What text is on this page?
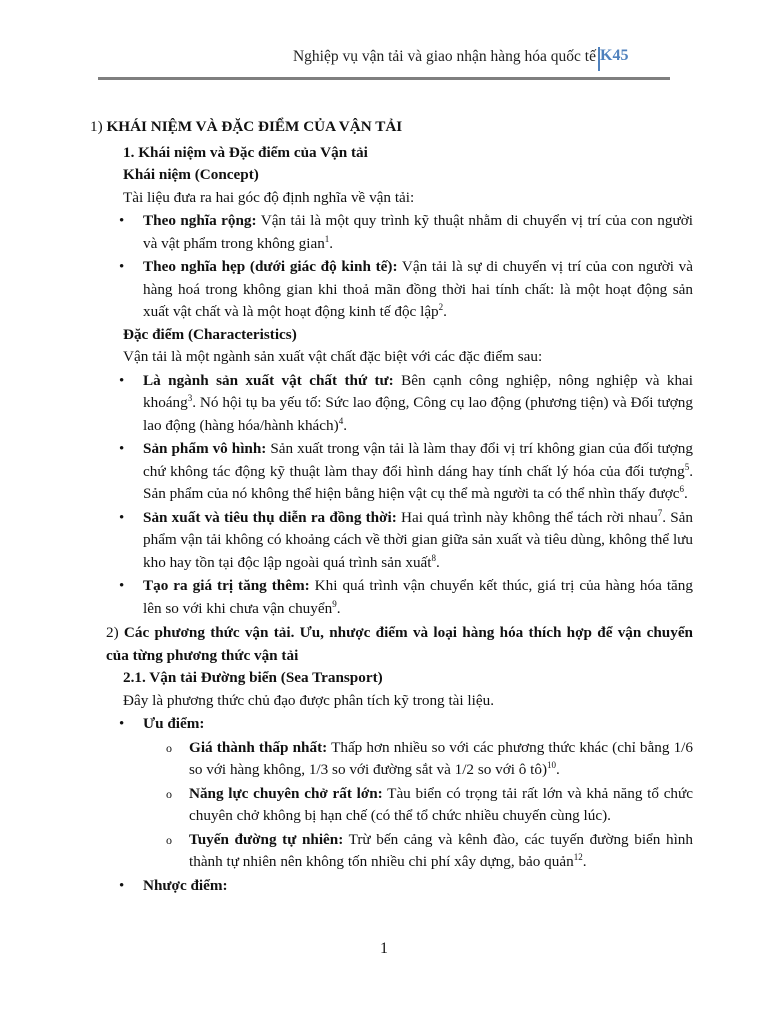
Nghiệp vụ vận tải và giao nhận hàng hóa quốc tế K45
1) KHÁI NIỆM VÀ ĐẶC ĐIỂM CỦA VẬN TẢI
1. Khái niệm và Đặc điểm của Vận tải
Khái niệm (Concept)
Tài liệu đưa ra hai góc độ định nghĩa về vận tải:
• Theo nghĩa rộng: Vận tải là một quy trình kỹ thuật nhằm di chuyển vị trí của con người và vật phẩm trong không gian$^1$.
• Theo nghĩa hẹp (dưới giác độ kinh tế): Vận tải là sự di chuyển vị trí của con người và hàng hoá trong không gian khi thoả mãn đồng thời hai tính chất: là một hoạt động sản xuất vật chất và là một hoạt động kinh tế độc lập$^2$.
Đặc điểm (Characteristics)
Vận tải là một ngành sản xuất vật chất đặc biệt với các đặc điểm sau:
• Là ngành sản xuất vật chất thứ tư: Bên cạnh công nghiệp, nông nghiệp và khai khoáng$^3$. Nó hội tụ ba yếu tố: Sức lao động, Công cụ lao động (phương tiện) và Đối tượng lao động (hàng hóa/hành khách)$^4$.
• Sản phẩm vô hình: Sản xuất trong vận tải là làm thay đổi vị trí không gian của đối tượng chứ không tác động kỹ thuật làm thay đổi hình dáng hay tính chất lý hóa của đối tượng$^5$. Sản phẩm của nó không thể hiện bằng hiện vật cụ thể mà người ta có thể nhìn thấy được$^6$.
• Sản xuất và tiêu thụ diễn ra đồng thời: Hai quá trình này không thể tách rời nhau$^7$. Sản phẩm vận tải không có khoảng cách về thời gian giữa sản xuất và tiêu dùng, không thể lưu kho hay tồn tại độc lập ngoài quá trình sản xuất$^8$.
• Tạo ra giá trị tăng thêm: Khi quá trình vận chuyển kết thúc, giá trị của hàng hóa tăng lên so với khi chưa vận chuyển$^9$.
2) Các phương thức vận tải. Ưu, nhược điểm và loại hàng hóa thích hợp để vận chuyển của từng phương thức vận tải
2.1. Vận tải Đường biển (Sea Transport)
Đây là phương thức chủ đạo được phân tích kỹ trong tài liệu.
• Ưu điểm:
o Giá thành thấp nhất: Thấp hơn nhiều so với các phương thức khác (chỉ bằng 1/6 so với hàng không, 1/3 so với đường sắt và 1/2 so với ô tô)$^{10}$.
o Năng lực chuyên chở rất lớn: Tàu biển có trọng tải rất lớn và khả năng tổ chức chuyên chở không bị hạn chế (có thể tổ chức nhiều chuyến cùng lúc).
o Tuyến đường tự nhiên: Trừ bến cảng và kênh đào, các tuyến đường biển hình thành tự nhiên nên không tốn nhiều chi phí xây dựng, bảo quản$^{12}$.
• Nhược điểm:
1
